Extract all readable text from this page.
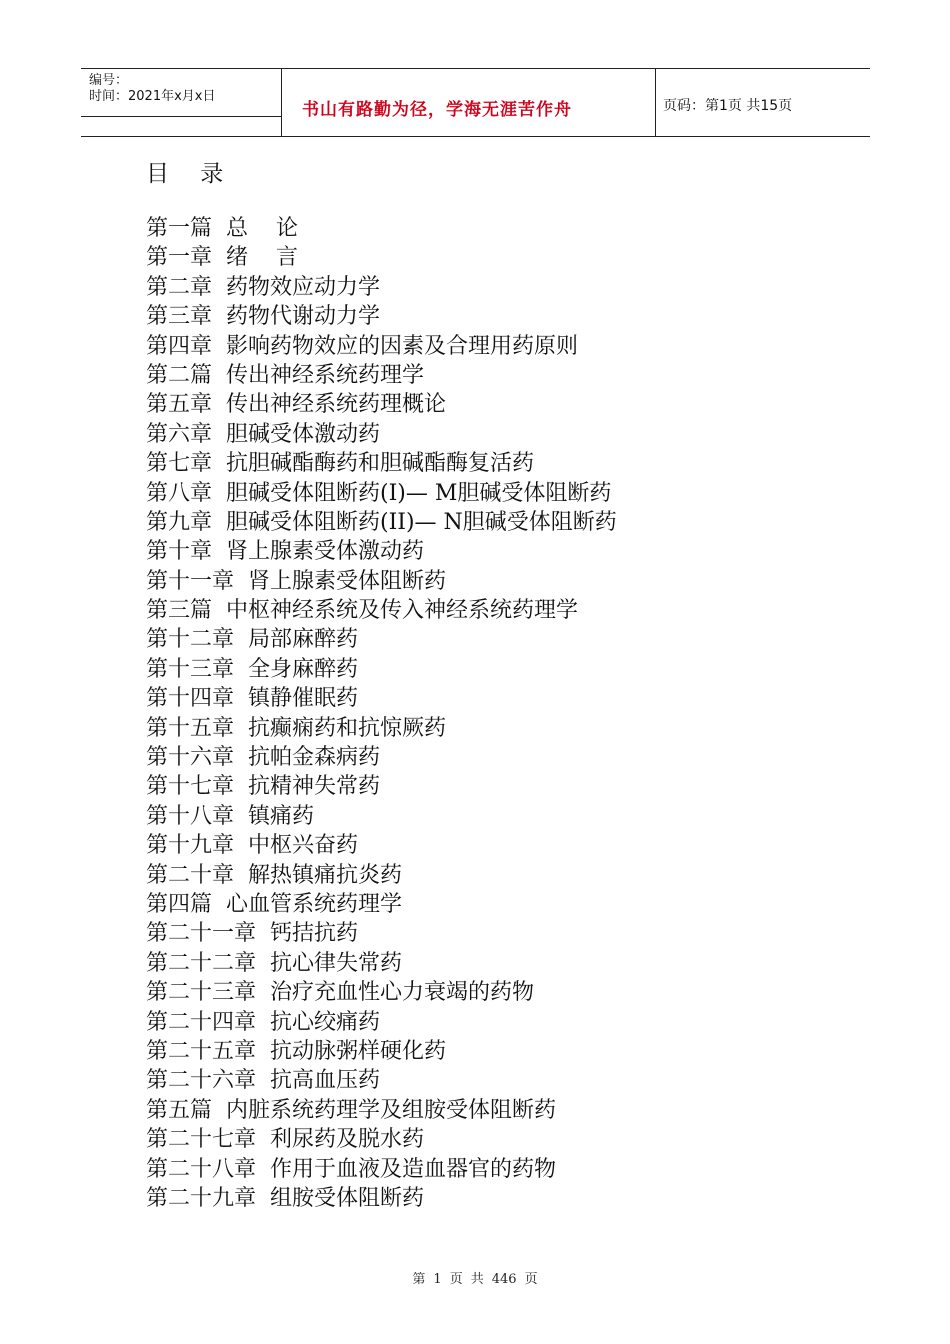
编号：
时间：2021年x月x日
书山有路勤为径，学海无涯苦作舟	页码：第1页 共15页
目 录
第一篇  总    论
第一章  绪    言
第二章  药物效应动力学
第三章  药物代谢动力学
第四章  影响药物效应的因素及合理用药原则
第二篇  传出神经系统药理学
第五章  传出神经系统药理概论
第六章  胆碱受体激动药
第七章  抗胆碱酯酶药和胆碱酯酶复活药
第八章  胆碱受体阻断药(I)— M胆碱受体阻断药
第九章  胆碱受体阻断药(II)— N胆碱受体阻断药
第十章  肾上腺素受体激动药
第十一章  肾上腺素受体阻断药
第三篇  中枢神经系统及传入神经系统药理学
第十二章  局部麻醉药
第十三章  全身麻醉药
第十四章  镇静催眠药
第十五章  抗癫痫药和抗惊厥药
第十六章  抗帕金森病药
第十七章  抗精神失常药
第十八章  镇痛药
第十九章  中枢兴奋药
第二十章  解热镇痛抗炎药
第四篇  心血管系统药理学
第二十一章  钙拮抗药
第二十二章  抗心律失常药
第二十三章  治疗充血性心力衰竭的药物
第二十四章  抗心绞痛药
第二十五章  抗动脉粥样硬化药
第二十六章  抗高血压药
第五篇  内脏系统药理学及组胺受体阻断药
第二十七章  利尿药及脱水药
第二十八章  作用于血液及造血器官的药物
第二十九章  组胺受体阻断药
第 1 页 共 446 页
